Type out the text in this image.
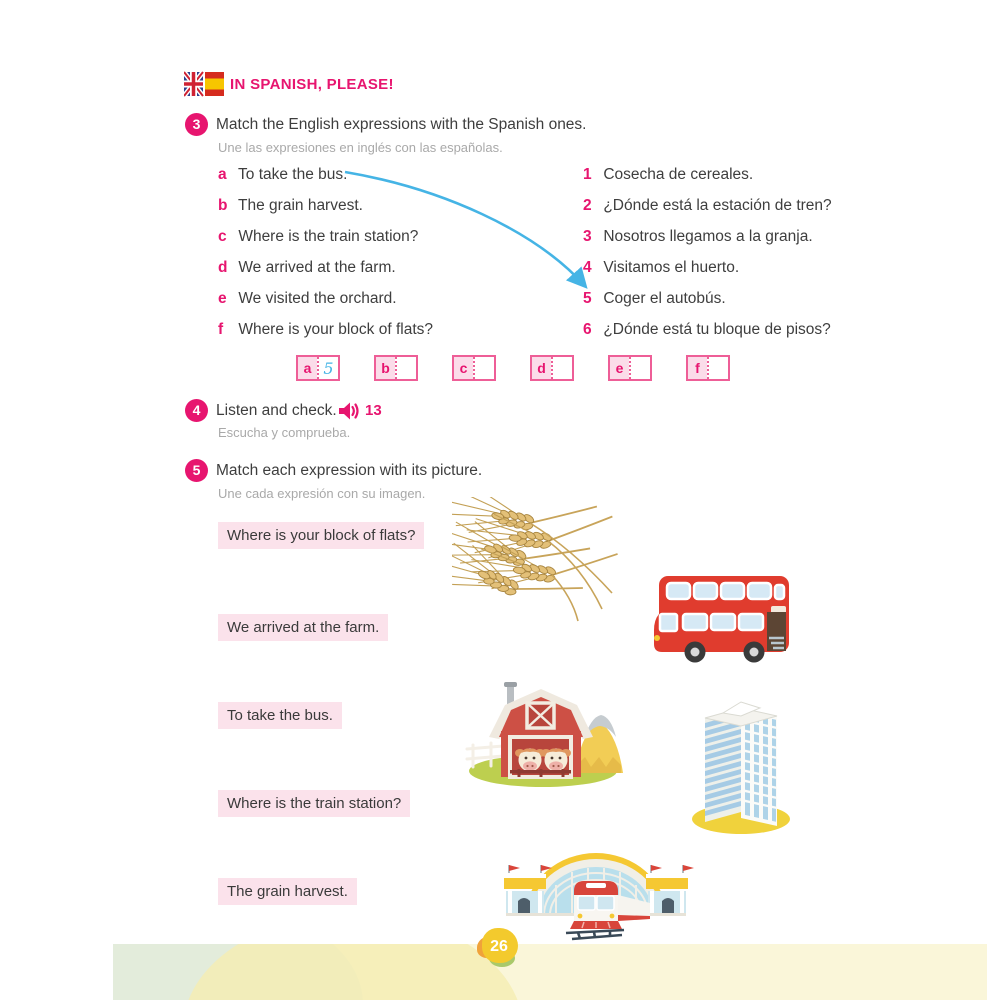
IN SPANISH, PLEASE!
3	Match the English expressions with the Spanish ones.
Une las expresiones en inglés con las españolas.
a To take the bus.
b The grain harvest.
c Where is the train station?
d We arrived at the farm.
e We visited the orchard.
f Where is your block of flats?
1 Cosecha de cereales.
2 ¿Dónde está la estación de tren?
3 Nosotros llegamos a la granja.
4 Visitamos el huerto.
5 Coger el autobús.
6 ¿Dónde está tu bloque de pisos?
a 5	b	c	d	e	f
4	Listen and check. 13
Escucha y comprueba.
5	Match each expression with its picture.
Une cada expresión con su imagen.
Where is your block of flats?
We arrived at the farm.
To take the bus.
Where is the train station?
The grain harvest.
26
